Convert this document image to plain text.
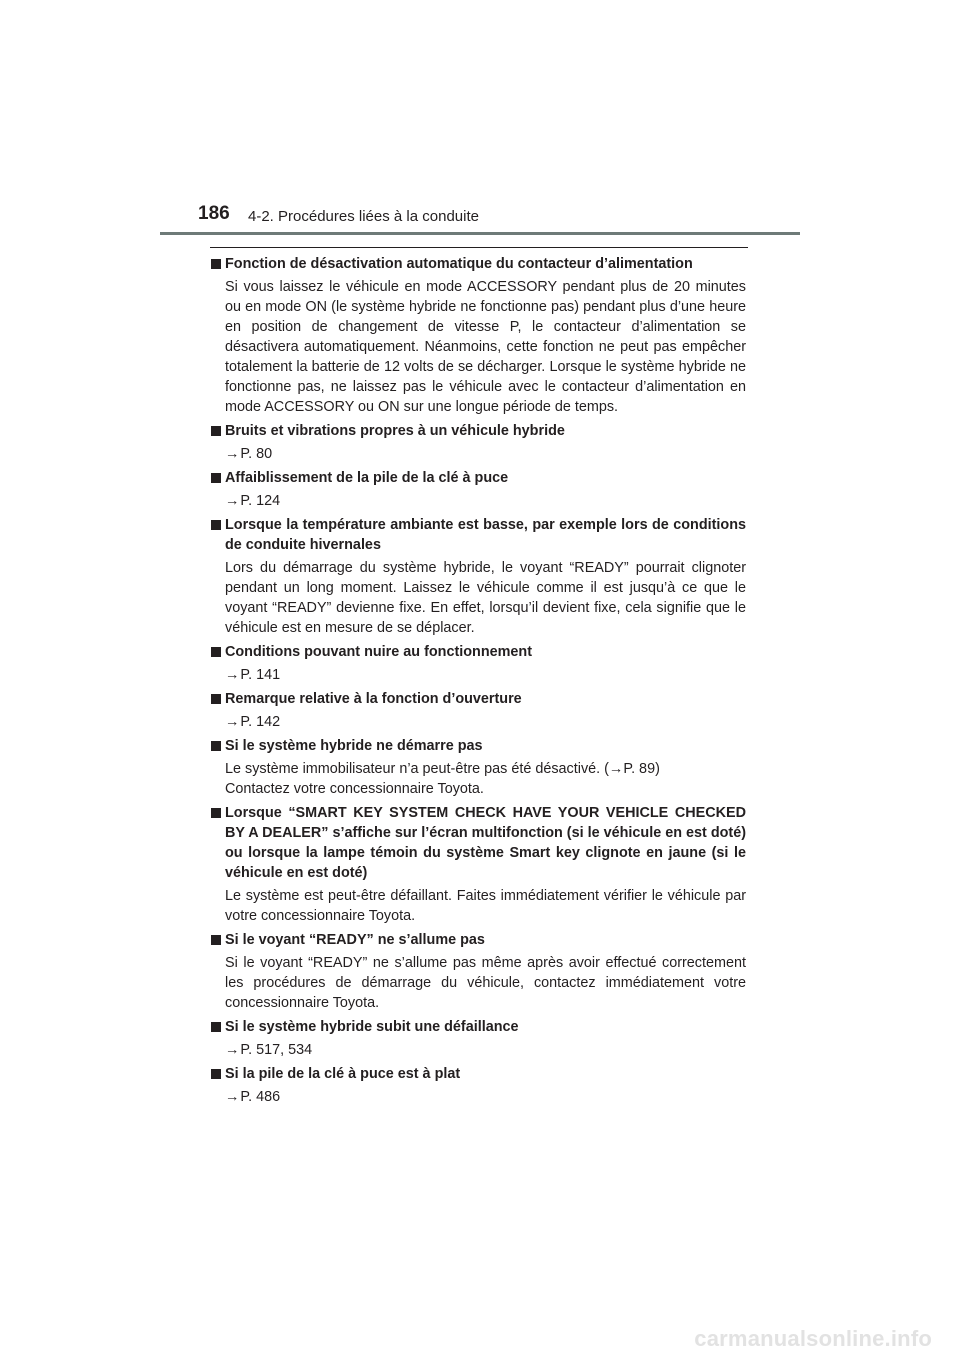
186 4-2. Procédures liées à la conduite
Fonction de désactivation automatique du contacteur d’alimentation
Si vous laissez le véhicule en mode ACCESSORY pendant plus de 20 minutes ou en mode ON (le système hybride ne fonctionne pas) pendant plus d’une heure en position de changement de vitesse P, le contacteur d’alimentation se désactivera automatiquement. Néanmoins, cette fonction ne peut pas empêcher totalement la batterie de 12 volts de se décharger. Lorsque le système hybride ne fonctionne pas, ne laissez pas le véhicule avec le contacteur d’alimentation en mode ACCESSORY ou ON sur une longue période de temps.
Bruits et vibrations propres à un véhicule hybride
→P. 80
Affaiblissement de la pile de la clé à puce
→P. 124
Lorsque la température ambiante est basse, par exemple lors de conditions de conduite hivernales
Lors du démarrage du système hybride, le voyant “READY” pourrait clignoter pendant un long moment. Laissez le véhicule comme il est jusqu’à ce que le voyant “READY” devienne fixe. En effet, lorsqu’il devient fixe, cela signifie que le véhicule est en mesure de se déplacer.
Conditions pouvant nuire au fonctionnement
→P. 141
Remarque relative à la fonction d’ouverture
→P. 142
Si le système hybride ne démarre pas
Le système immobilisateur n’a peut-être pas été désactivé. (→P. 89)
Contactez votre concessionnaire Toyota.
Lorsque “SMART KEY SYSTEM CHECK HAVE YOUR VEHICLE CHECKED BY A DEALER” s’affiche sur l’écran multifonction (si le véhicule en est doté) ou lorsque la lampe témoin du système Smart key clignote en jaune (si le véhicule en est doté)
Le système est peut-être défaillant. Faites immédiatement vérifier le véhicule par votre concessionnaire Toyota.
Si le voyant “READY” ne s’allume pas
Si le voyant “READY” ne s’allume pas même après avoir effectué correctement les procédures de démarrage du véhicule, contactez immédiatement votre concessionnaire Toyota.
Si le système hybride subit une défaillance
→P. 517, 534
Si la pile de la clé à puce est à plat
→P. 486
carmanualsonline.info
